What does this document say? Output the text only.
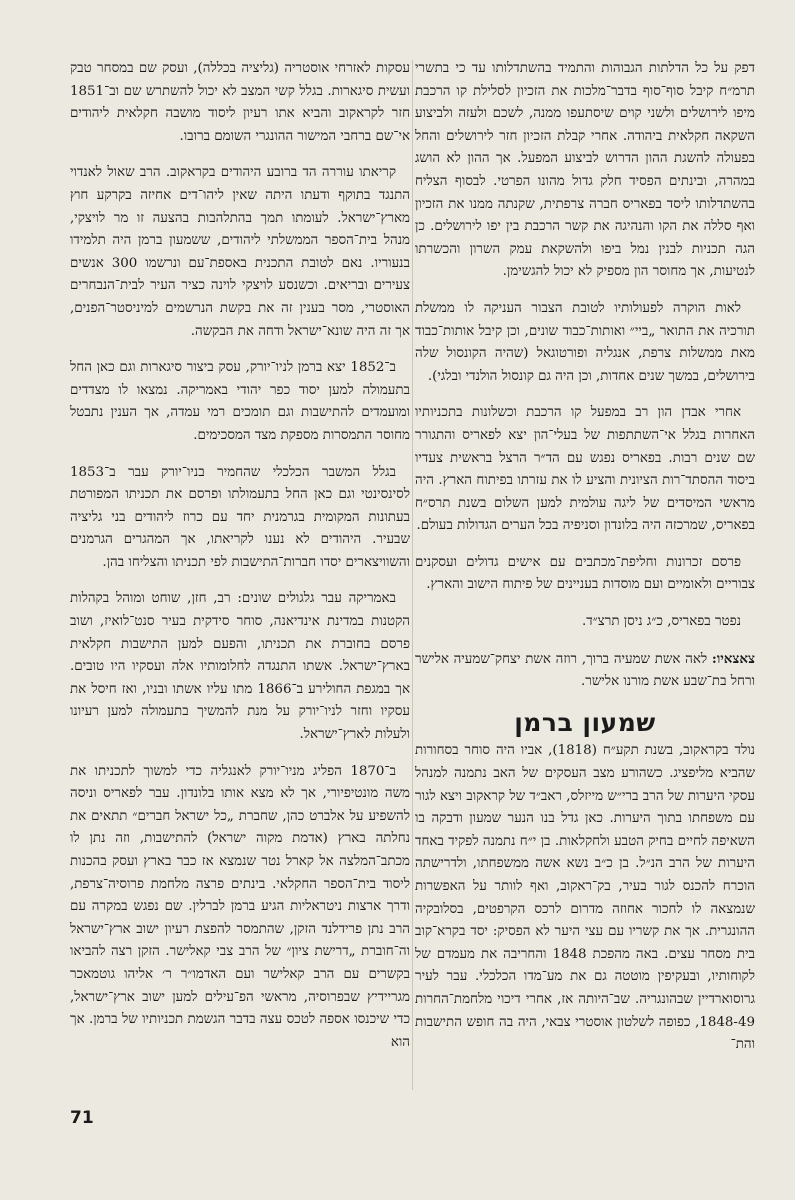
דפק על כל הדלתות הגבוהות והתמיד בהשתדלותו עד כי בתשרי תרמ״ח קיבל סוף־סוף בדבר־מלכות את הזכיון לסלילת קו הרכבת מיפו לירושלים ולשני קוים שיסתעפו ממנה, לשכם ולעזה ולביצוע השקאה חקלאית ביהודה. אחרי קבלת הזכיון חזר לירושלים והחל בפעולה להשגת ההון הדרוש לביצוע המפעל. אך ההון לא הושג במהרה, ובינתים הפסיד חלק גדול מהונו הפרטי. לבסוף הצליח בהשתדלותו ליסד בפאריס חברה צרפתית, שקנתה ממנו את הזכיון ואף סללה את הקו והנהיגה את קשר הרכבת בין יפו לירושלים. כן הגה תכניות לבנין נמל ביפו ולהשקאת עמק השרון והכשרתו לנטיעות, אך מחוסר הון מספיק לא יכול להגשימן.

לאות הוקרה לפעולותיו לטובת הצבור העניקה לו ממשלת תורכיה את התואר „ביי״ ואותות־כבוד שונים, וכן קיבל אותות־כבוד מאת ממשלות צרפת, אנגליה ופורטוגאל (שהיה הקונסול שלה בירושלים, במשך שנים אחדות, וכן היה גם קונסול הולנדי ובלגי).

אחרי אבדן הון רב במפעל קו הרכבת וכשלונות בתכניותיו האחרות בגלל אי־השתתפות של בעלי־הון יצא לפאריס והתגורר שם שנים רבות. בפאריס נפגש עם הד״ר הרצל בראשית צעדיו ביסוד ההסתד־רות הציונית והציע לו את עזרתו בפיתוח הארץ. היה מראשי המיסדים של ליגה עולמית למען השלום בשנת תרס״ח בפאריס, שמרכזה היה בלונדון וסניפיה בכל הערים הגדולות בעולם.

פרסם זכרונות וחליפת־מכתבים עם אישים גדולים ועסקנים צבוריים ולאומיים ועם מוסדות בעניינים של פיתוח הישוב והארץ.

נפטר בפאריס, כ״ג ניסן תרצ״ד.

צאצאיו: לאה אשת שמעיה ברוך, רוזה אשת יצחק־שמעיה אלישר ורחל בת־שבע אשת מורנו אלישר.

שמעון ברמן

נולד בקראקוב, בשנת תקע״ח (1818), אביו היה סוחר בסחורות שהביא מליפציג. כשהורע מצב העסקים של האב נתמנה למנהל עסקי היערות של הרב ברי״ש מייזלס, ראב״ד של קראקוב ויצא לגור עם משפחתו בתוך היערות. כאן גדל בנו הנער שמעון ודבקה בו השאיפה לחיים בחיק הטבע ולחקלאות. בן י״ח נתמנה לפקיד באחד היערות של הרב הנ״ל. בן כ״ב נשא אשה ממשפחתו, ולדרישתה הוכרח להכנס לגור בעיר, בק־ראקוב, ואף לוותר על האפשרות שנמצאה לו לחכור אחוזה מדרום לרכס הקרפטים, בסלובקיה ההונגרית. אך את קשריו עם עצי היער לא הפסיק: יסד בקרא־קוב בית מסחר עצים. באה מהפכת 1848 והחריבה את מעמדם של לקוחותיו, ובעקיפין מוטטה גם את מע־מדו הכלכלי. עבר לעיר גרוסוארדיין שבהונגריה. שב־היותה אז, אחרי דיכוי מלחמת־החרות 1848-49, כפופה לשלטון אוסטרי צבאי, היה בה חופש התישבות והת־

עסקות לאזרחי אוסטריה (גליציה בכללה), ועסק שם במסחר טבק ועשית סיגארות. בגלל קשי המצב לא יכול להשתרש שם וב־1851 חזר לקראקוב והביא אתו רעיון ליסוד מושבה חקלאית ליהודים אי־שם ברחבי המישור ההונגרי השומם ברובו.

קריאתו עוררה הד ברובע היהודים בקראקוב. הרב שאול לאנדוי התנגד בתוקף ודעתו היתה שאין ליהו־דים אחיזה בקרקע חוץ מארץ־ישראל. לעומתו תמך בהתלהבות בהצעה זו מר לויצקי, מנהל בית־הספר הממשלתי ליהודים, ששמעון ברמן היה תלמידו בנעוריו. נאם לטובת התכנית באספת־עם ונרשמו 300 אנשים צעירים ובריאים. וכשנסע לויצקי לוינה כציר העיר לבית־הנבחרים האוסטרי, מסר בענין זה את בקשת הנרשמים למיניסטר־הפנים, אך זה היה שונא־ישראל ודחה את הבקשה.

ב־1852 יצא ברמן לניו־יורק, עסק ביצור סיגארות וגם כאן החל בתעמולה למען יסוד כפר יהודי באמריקה. נמצאו לו מצדדים ומועמדים להתישבות וגם תומכים רמי עמדה, אך הענין נתבטל מחוסר התמסרות מספקת מצד המסכימים.

בגלל המשבר הכלכלי שהחמיר בניו־יורק עבר ב־1853 לסינסינטי וגם כאן החל בתעמולתו ופרסם את תכניתו המפורטת בעתונות המקומית בגרמנית יחד עם כרוז ליהודים בני גליציה שבעיר. היהודים לא נענו לקריאתו, אך המהגרים הגרמנים והשוויצארים יסדו חברות־התישבות לפי תכניתו והצליחו בהן.

באמריקה עבר גלגולים שונים: רב, חזן, שוחט ומוהל בקהלות הקטנות במדינת אינדיאנה, סוחר סידקית בעיר סנט־לואיז, ושוב פרסם בחוברת את תכניתו, והפעם למען התישבות חקלאית בארץ־ישראל. אשתו התנגדה לחלומותיו אלה ועסקיו היו טובים. אך במגפת החולירע ב־1866 מתו עליו אשתו ובניו, ואז חיסל את עסקיו וחזר לניו־יורק על מנת להמשיך בתעמולה למען רעיונו ולעלות לארץ־ישראל.

ב־1870 הפליג מניו־יורק לאנגליה כדי למשוך לתכניתו את משה מונטיפיורי, אך לא מצא אותו בלונדון. עבר לפאריס וניסה להשפיע על אלברט כהן, שחברת „כל ישראל חברים״ תתאים את נחלתה בארץ (אדמת מקוה ישראל) להתישבות, וזה נתן לו מכתב־המלצה אל קארל נטר שנמצא אז כבר בארץ ועסק בהכנות ליסוד בית־הספר החקלאי. בינתים פרצה מלחמת פרוסיה־צרפת, ודרך ארצות ניטראליות הגיע ברמן לברלין. שם נפגש במקרה עם הרב נתן פרידלנד הזקן, שהתמסר להפצת רעיון ישוב ארץ־ישראל וה־חוברת „דרישת ציון״ של הרב צבי קאלישר. הזקן רצה להביאו בקשרים עם הרב קאלישר ועם האדמו״ר ר׳ אליהו גוטמאכר מגריידיץ שבפרוסיה, מראשי הפ־עילים למען ישוב ארץ־ישראל, כדי שיכנסו אספה לטכס עצה בדבר הגשמת תכניותיו של ברמן. אך הוא

71
